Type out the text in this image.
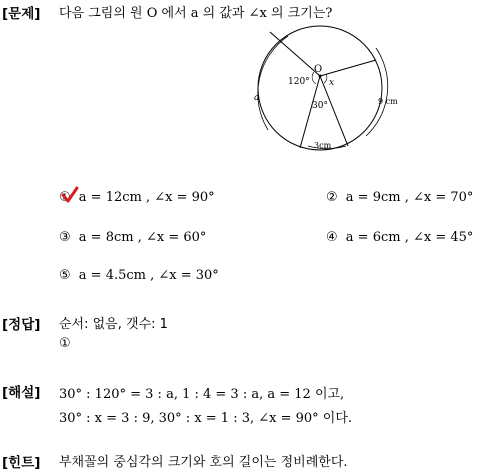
[문제] 다음 그림의 원 O 에서 a 의 값과 ∠x 의 크기는?
O
120° x
30°
a	9 cm
3cm
① a = 12cm , ∠x = 90°	② a = 9cm , ∠x = 70°
③ a = 8cm , ∠x = 60°	④ a = 6cm , ∠x = 45°
⑤ a = 4.5cm , ∠x = 30°
[정답] 순서: 없음, 갯수: 1
①
[해설] 30° : 120° = 3 : a, 1 : 4 = 3 : a, a = 12 이고,
30° : x = 3 : 9, 30° : x = 1 : 3, ∠x = 90° 이다.
[힌트] 부채꼴의 중심각의 크기와 호의 길이는 정비례한다.
